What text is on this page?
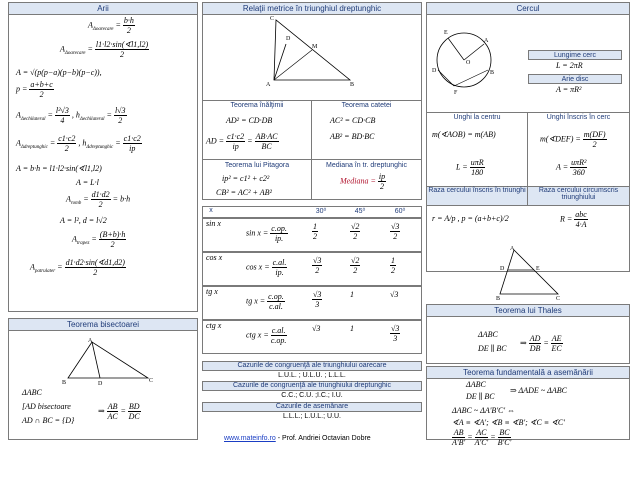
Arii
$A_{\Delta oarecare} = \frac{b\cdot h}{2}$
$A_{\Delta oarecare} = \frac{l1\cdot l2\cdot\sin(∢l1,l2)}{2}$
A = √(p(p−a)(p−b)(p−c)),
$p = \frac{a+b+c}{2}$
$A_{\Delta echilateral} = \frac{\text{l²√3}}{4}$ , $h_{\Delta echilateral} = \frac{l√3}{2}$
$A_{\Delta dreptunghic} = \frac{c1\cdot c2}{2}$ , $h_{\Delta dreptunghic} = \frac{c1\cdot c2}{ip}$
A = b·h = l1·l2·sin(∢l1,l2)
A = L·l
$A_{romb} = \frac{d1\cdot d2}{2} = b\cdot h$
A = l², d = l√2
$A_{trapez} = \frac{(B+b)\cdot h}{2}$
$A_{patrulater} = \frac{d1\cdot d2\cdot\sin(∢d1,d2)}{2}$
Teorema bisectoarei
A
B	D	C
ΔABC
[AD bisectoare
AD ∩ BC = {D}
⇒ $\frac{AB}{AC} = \frac{BD}{DC}$
Relaţii metrice în triunghiul dreptunghic
C
D
M
A	B
Teorema înălţimii	Teorema catetei
AD² = CD·DB
AD = $\frac{c1\cdot c2}{ip} = \frac{AB\cdot AC}{BC}$
AC² = CD·CB
AB² = BD·BC
Teorema lui Pitagora	Mediana în tr. dreptunghic
ip² = c1² + c2²
CB² = AC² + AB²
Mediana = $\frac{ip}{2}$
x	30⁰	45⁰	60⁰
sin x
$\sin x = \frac{c.op.}{ip.}$	$\frac{1}{2}$	$\frac{√2}{2}$	$\frac{√3}{2}$
cos x
$\cos x = \frac{c.al.}{ip.}$	$\frac{√3}{2}$	$\frac{√2}{2}$	$\frac{1}{2}$
tg x
tg $x = \frac{c.op.}{c.al.}$	$\frac{√3}{3}$	1	√3
ctg x
ctg $x = \frac{c.al.}{c.op.}$	√3	1	$\frac{√3}{3}$
Cazurile de congruenţă ale triunghiului oarecare
L.U.L. ; U.L.U. ; L.L.L.
Cazurile de congruenţă ale triunghiului dreptunghic
C.C.; C.U. ;I.C.; I.U.
Cazurile de asemănare
L.L.L.; L.U.L.; U.U.
www.mateinfo.ro - Prof. Andriei Octavian Dobre
Cercul
E
A
D
O
B
F
Lungime cerc
L = 2πR
Arie disc
A = πR²
Unghi la centru	Unghi înscris în cerc
m(∢AOB) = m(AB)	m(∢DEF) = $\frac{m(DF)}{2}$
$L = \frac{\text{uπR}}{180}$	$A = \frac{\text{uπR²}}{360}$
Raza cercului înscris în triunghi	Raza cercului circumscris triunghiului
r = A/p , p = (a+b+c)/2	$R = \frac{\text{abc}}{4\cdot A}$
A
D	E
B	C
Teorema lui Thales
ΔABC
DE ∥ BC
⇒ $\frac{AD}{DB} = \frac{AE}{EC}$
Teorema fundamentală a asemănării
ΔABC
DE ∥ BC
⇒ ΔADE ~ ΔABC
ΔABC ~ ΔA'B'C' ⇔
∢A ≡ ∢A'; ∢B ≡ ∢B'; ∢C ≡ ∢C'
$\frac{AB}{A'B'} = \frac{AC}{A'C'} = \frac{BC}{B'C'}$
